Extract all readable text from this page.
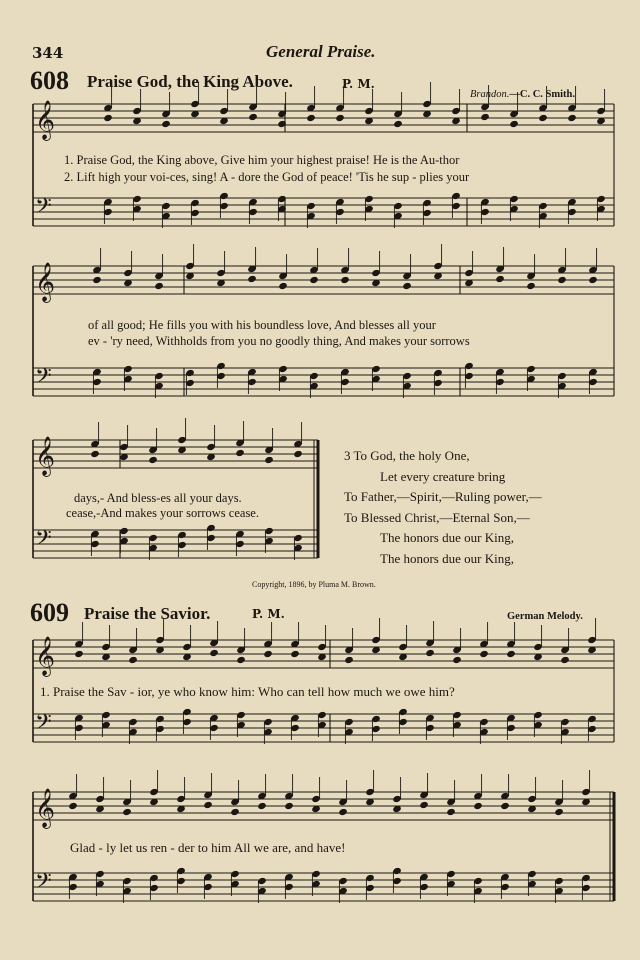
344	General Praise.
608 Praise God, the King Above.	P. M.
Brandon.—C. C. Smith.
1. Praise God, the King above, Give him your highest praise! He is the Au-thor
2. Lift high your voi-ces, sing! A - dore the God of peace! 'Tis he sup - plies your
of all good; He fills you with his boundless love, And blesses all your
ev - 'ry need, Withholds from you no goodly thing, And makes your sorrows
days,- And bless-es all your days.
cease,-And makes your sorrows cease.
3 To God, the holy One,
Let every creature bring
To Father,—Spirit,—Ruling power,—
To Blessed Christ,—Eternal Son,—
The honors due our King,
The honors due our King,
Copyright, 1896, by Pluma M. Brown.
609 Praise the Savior.	P. M.	German Melody.
1. Praise the Sav - ior, ye who know him: Who can tell how much we owe him?
Glad - ly let us ren - der to him All we are, and have!
𝄞
𝄢
𝄞
𝄢
𝄞
𝄢
𝄞
𝄢
𝄞
𝄢
